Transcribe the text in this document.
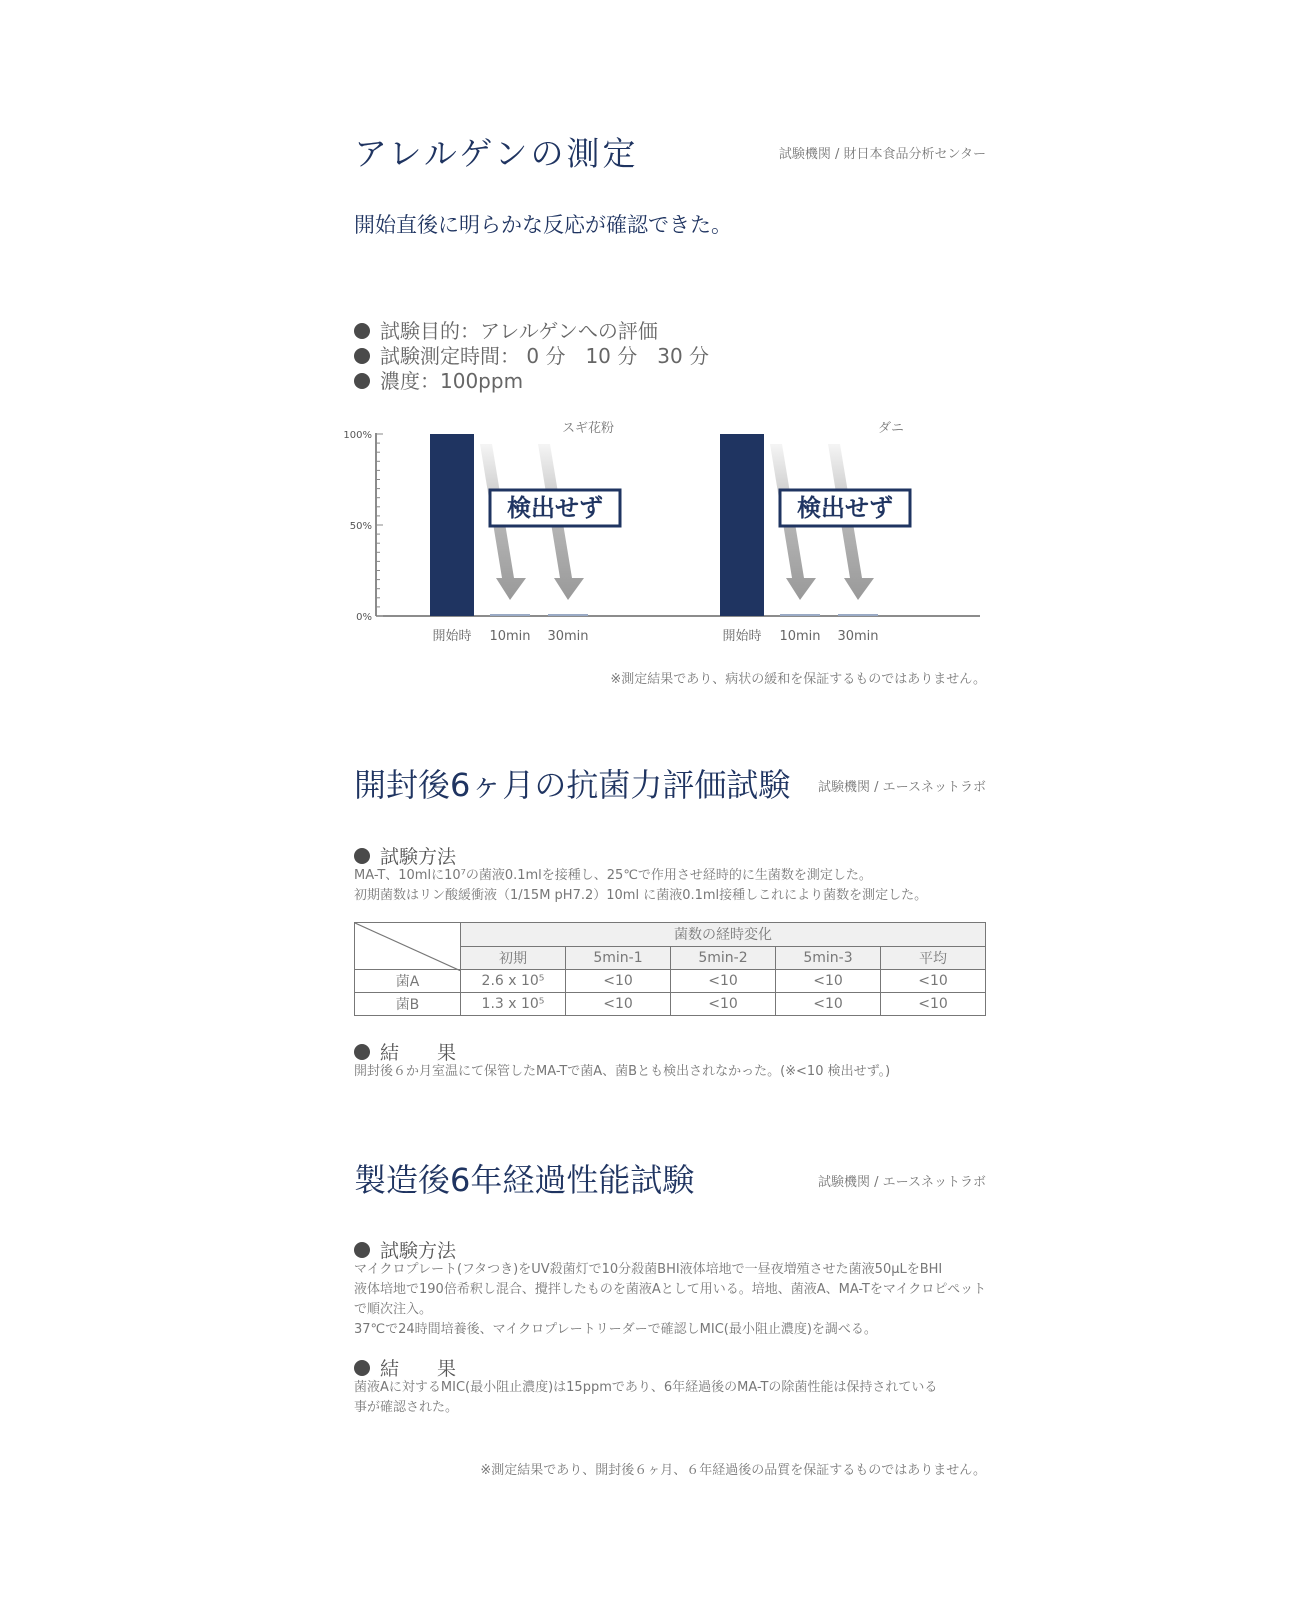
アレルゲンの測定	試験機関 / 財日本食品分析センター
開始直後に明らかな反応が確認できた。
試験目的：アレルゲンへの評価
試験測定時間： 0 分　10 分　30 分
濃度：100ppm
100%
50%
0%
開始時 10min 30min
スギ花粉
検出せず
開始時 10min 30min
ダニ
検出せず
※測定結果であり、病状の緩和を保証するものではありません。
開封後6ヶ月の抗菌力評価試験	試験機関 / エースネットラボ
試験方法
MA-T、10mlに10⁷の菌液0.1mlを接種し、25℃で作用させ経時的に生菌数を測定した。
初期菌数はリン酸緩衝液（1/15M pH7.2）10ml に菌液0.1ml接種しこれにより菌数を測定した。
	菌数の経時変化				
	初期	5min-1	5min-2	5min-3	平均
菌A	2.6 x 10⁵	<10	<10	<10	<10
菌B	1.3 x 10⁵	<10	<10	<10	<10
結　　果
開封後６か月室温にて保管したMA-Tで菌A、菌Bとも検出されなかった。(※<10 検出せず。)
製造後6年経過性能試験	試験機関 / エースネットラボ
試験方法
マイクロプレート(フタつき)をUV殺菌灯で10分殺菌BHI液体培地で一昼夜増殖させた菌液50µLをBHI
液体培地で190倍希釈し混合、攪拌したものを菌液Aとして用いる。培地、菌液A、MA-Tをマイクロピペット
で順次注入。
37℃で24時間培養後、マイクロプレートリーダーで確認しMIC(最小阻止濃度)を調べる。
結　　果
菌液Aに対するMIC(最小阻止濃度)は15ppmであり、6年経過後のMA-Tの除菌性能は保持されている
事が確認された。
※測定結果であり、開封後６ヶ月、６年経過後の品質を保証するものではありません。
